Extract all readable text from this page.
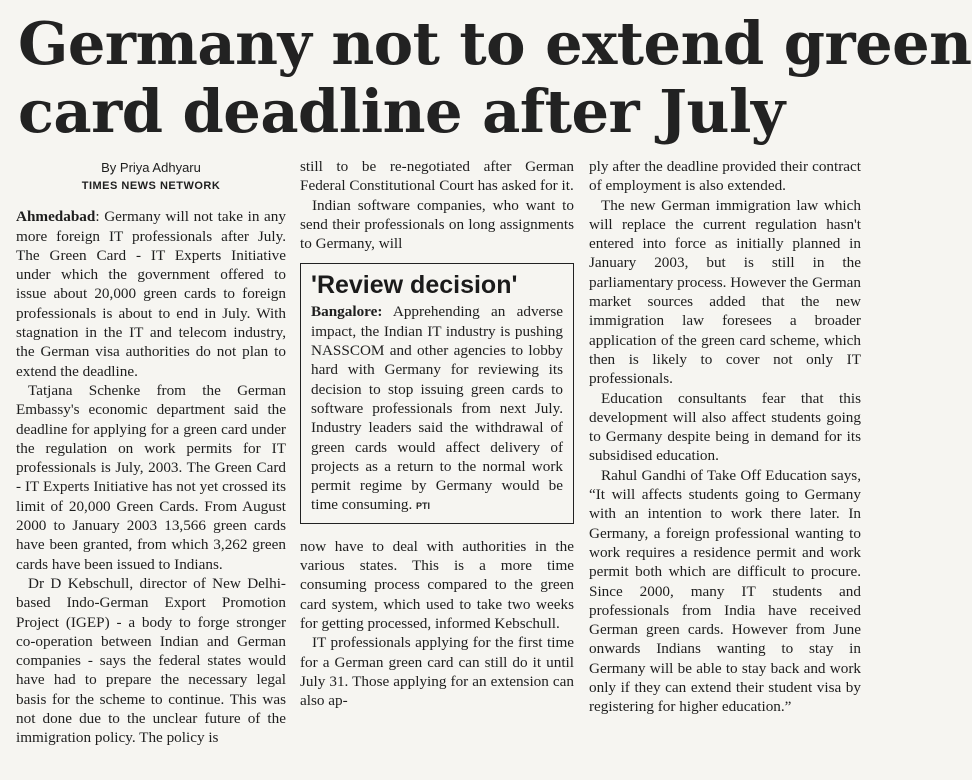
Germany not to extend green
card deadline after July
By Priya Adhyaru
TIMES NEWS NETWORK

Ahmedabad: Germany will not take in any more foreign IT professionals after July. The Green Card - IT Experts Initiative under which the government offered to issue about 20,000 green cards to foreign professionals is about to end in July. With stagnation in the IT and telecom industry, the German visa authorities do not plan to extend the deadline.

Tatjana Schenke from the German Embassy's economic department said the deadline for applying for a green card under the regulation on work permits for IT professionals is July, 2003. The Green Card - IT Experts Initiative has not yet crossed its limit of 20,000 Green Cards. From August 2000 to January 2003 13,566 green cards have been granted, from which 3,262 green cards have been issued to Indians.

Dr D Kebschull, director of New Delhi-based Indo-German Export Promotion Project (IGEP) - a body to forge stronger co-operation between Indian and German companies - says the federal states would have had to prepare the necessary legal basis for the scheme to continue. This was not done due to the unclear future of the immigration policy. The policy is

still to be re-negotiated after German Federal Constitutional Court has asked for it.

Indian software companies, who want to send their professionals on long assignments to Germany, will

'Review decision'

Bangalore: Apprehending an adverse impact, the Indian IT industry is pushing NASSCOM and other agencies to lobby hard with Germany for reviewing its decision to stop issuing green cards to software professionals from next July. Industry leaders said the withdrawal of green cards would affect delivery of projects as a return to the normal work permit regime by Germany would be time consuming. PTI

now have to deal with authorities in the various states. This is a more time consuming process compared to the green card system, which used to take two weeks for getting processed, informed Kebschull.

IT professionals applying for the first time for a German green card can still do it until July 31. Those applying for an extension can also ap-

ply after the deadline provided their contract of employment is also extended.

The new German immigration law which will replace the current regulation hasn't entered into force as initially planned in January 2003, but is still in the parliamentary process. However the German market sources added that the new immigration law foresees a broader application of the green card scheme, which then is likely to cover not only IT professionals.

Education consultants fear that this development will also affect students going to Germany despite being in demand for its subsidised education.

Rahul Gandhi of Take Off Education says, “It will affects students going to Germany with an intention to work there later. In Germany, a foreign professional wanting to work requires a residence permit and work permit both which are difficult to procure. Since 2000, many IT students and professionals from India have received German green cards. However from June onwards Indians wanting to stay in Germany will be able to stay back and work only if they can extend their student visa by registering for higher education.”
